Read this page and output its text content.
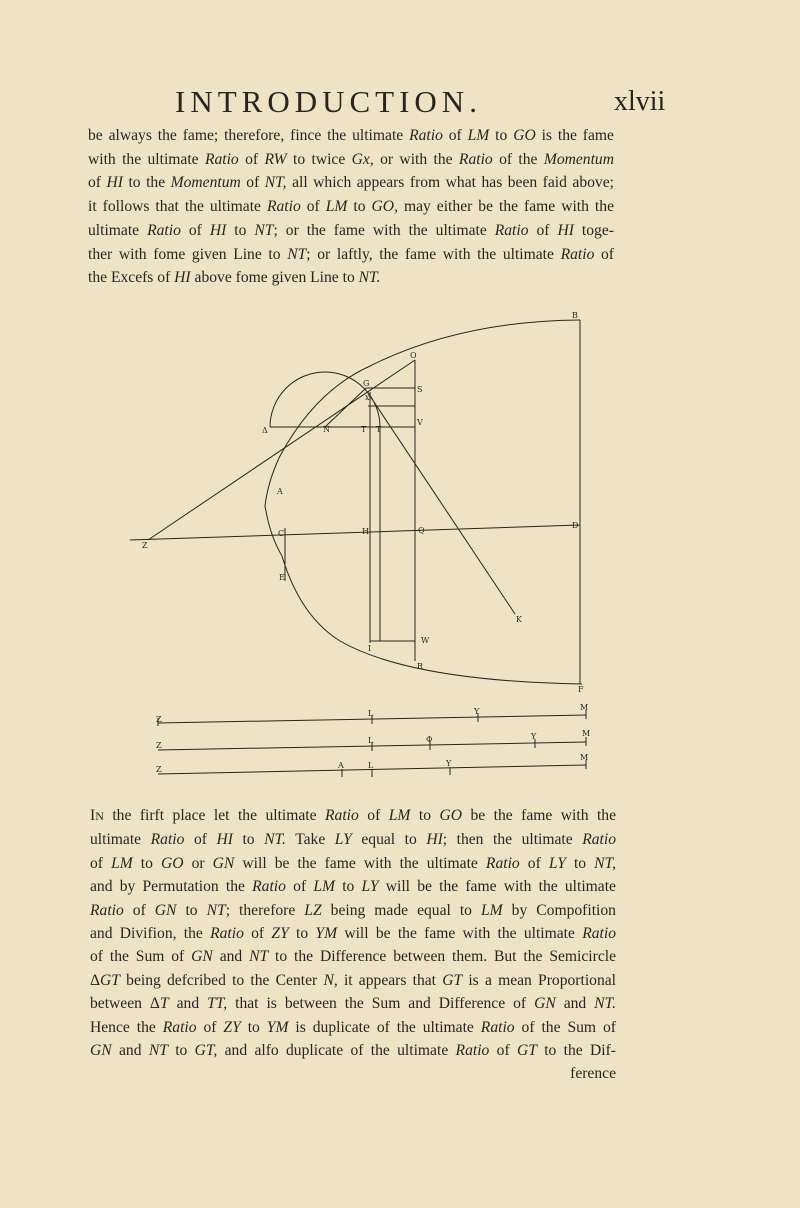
INTRODUCTION.	xlvii
be always the fame; therefore, fince the ultimate Ratio of LM to GO is the fame
with the ultimate Ratio of RW to twice Gx, or with the Ratio of the Momentum
of HI to the Momentum of NT, all which appears from what has been faid above;
it follows that the ultimate Ratio of LM to GO, may either be the fame with the
ultimate Ratio of HI to NT; or the fame with the ultimate Ratio of HI toge-
ther with fome given Line to NT; or laftly, the fame with the ultimate Ratio of
the Excefs of HI above fome given Line to NT.
B
O
G
S
x
V
Δ	N	T T
A
C	H	Q
D
Z
E
K
I
W
R
F
Z
L	Y	M
Z
L	Φ	Y	M
Z	A	L	Y
M
IN the firft place let the ultimate Ratio of LM to GO be the fame with the
ultimate Ratio of HI to NT. Take LY equal to HI; then the ultimate Ratio
of LM to GO or GN will be the fame with the ultimate Ratio of LY to NT,
and by Permutation the Ratio of LM to LY will be the fame with the ultimate
Ratio of GN to NT; therefore LZ being made equal to LM by Compofition
and Divifion, the Ratio of ZY to YM will be the fame with the ultimate Ratio
of the Sum of GN and NT to the Difference between them. But the Semicircle
ΔGT being defcribed to the Center N, it appears that GT is a mean Proportional
between ΔT and TT, that is between the Sum and Difference of GN and NT.
Hence the Ratio of ZY to YM is duplicate of the ultimate Ratio of the Sum of
GN and NT to GT, and alfo duplicate of the ultimate Ratio of GT to the Dif-
ference
